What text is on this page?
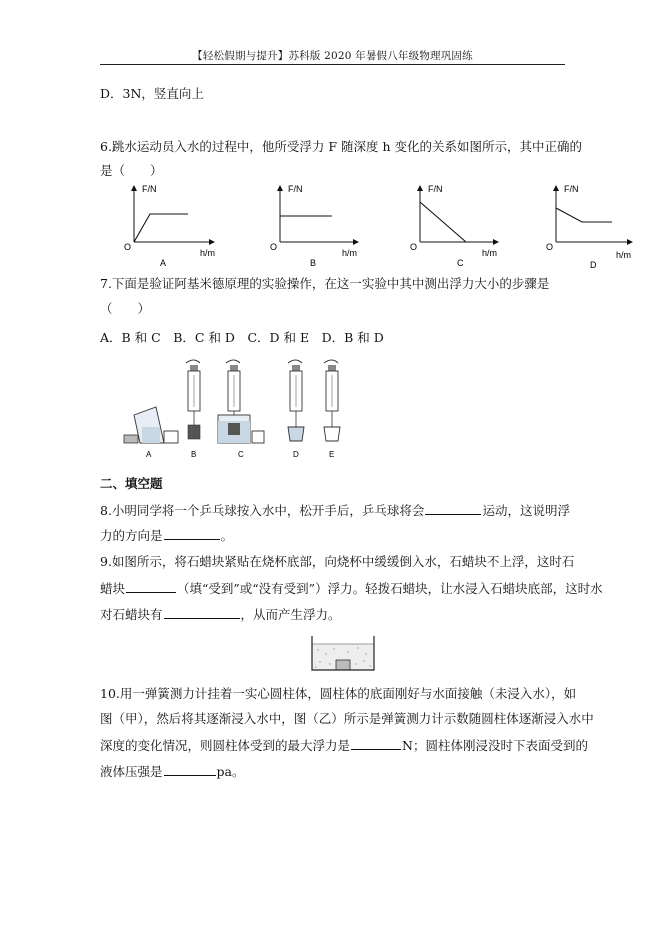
【轻松假期与提升】苏科版 2020 年暑假八年级物理巩固练
D．3N，竖直向上
6.跳水运动员入水的过程中，他所受浮力 F 随深度 h 变化的关系如图所示，其中正确的
是（　　）
F/N
h/m
O
A
F/N
h/m
O
B
F/N
h/m
O
C
F/N
h/m
O
D
7.下面是验证阿基米德原理的实验操作，在这一实验中其中测出浮力大小的步骤是
（　　）
A．B 和 C　B．C 和 D　C．D 和 E　D．B 和 D
A	B	C	D	E
二、填空题
8.小明同学将一个乒乓球按入水中，松开手后，乒乓球将会	运动，这说明浮
力的方向是	。
9.如图所示，将石蜡块紧贴在烧杯底部，向烧杯中缓缓倒入水，石蜡块不上浮，这时石
蜡块	（填“受到”或“没有受到”）浮力。轻拨石蜡块，让水浸入石蜡块底部，这时水
对石蜡块有	，从而产生浮力。
10.用一弹簧测力计挂着一实心圆柱体，圆柱体的底面刚好与水面接触（未浸入水），如
图（甲），然后将其逐渐浸入水中，图（乙）所示是弹簧测力计示数随圆柱体逐渐浸入水中
深度的变化情况，则圆柱体受到的最大浮力是	N；圆柱体刚浸没时下表面受到的
液体压强是	pa。
